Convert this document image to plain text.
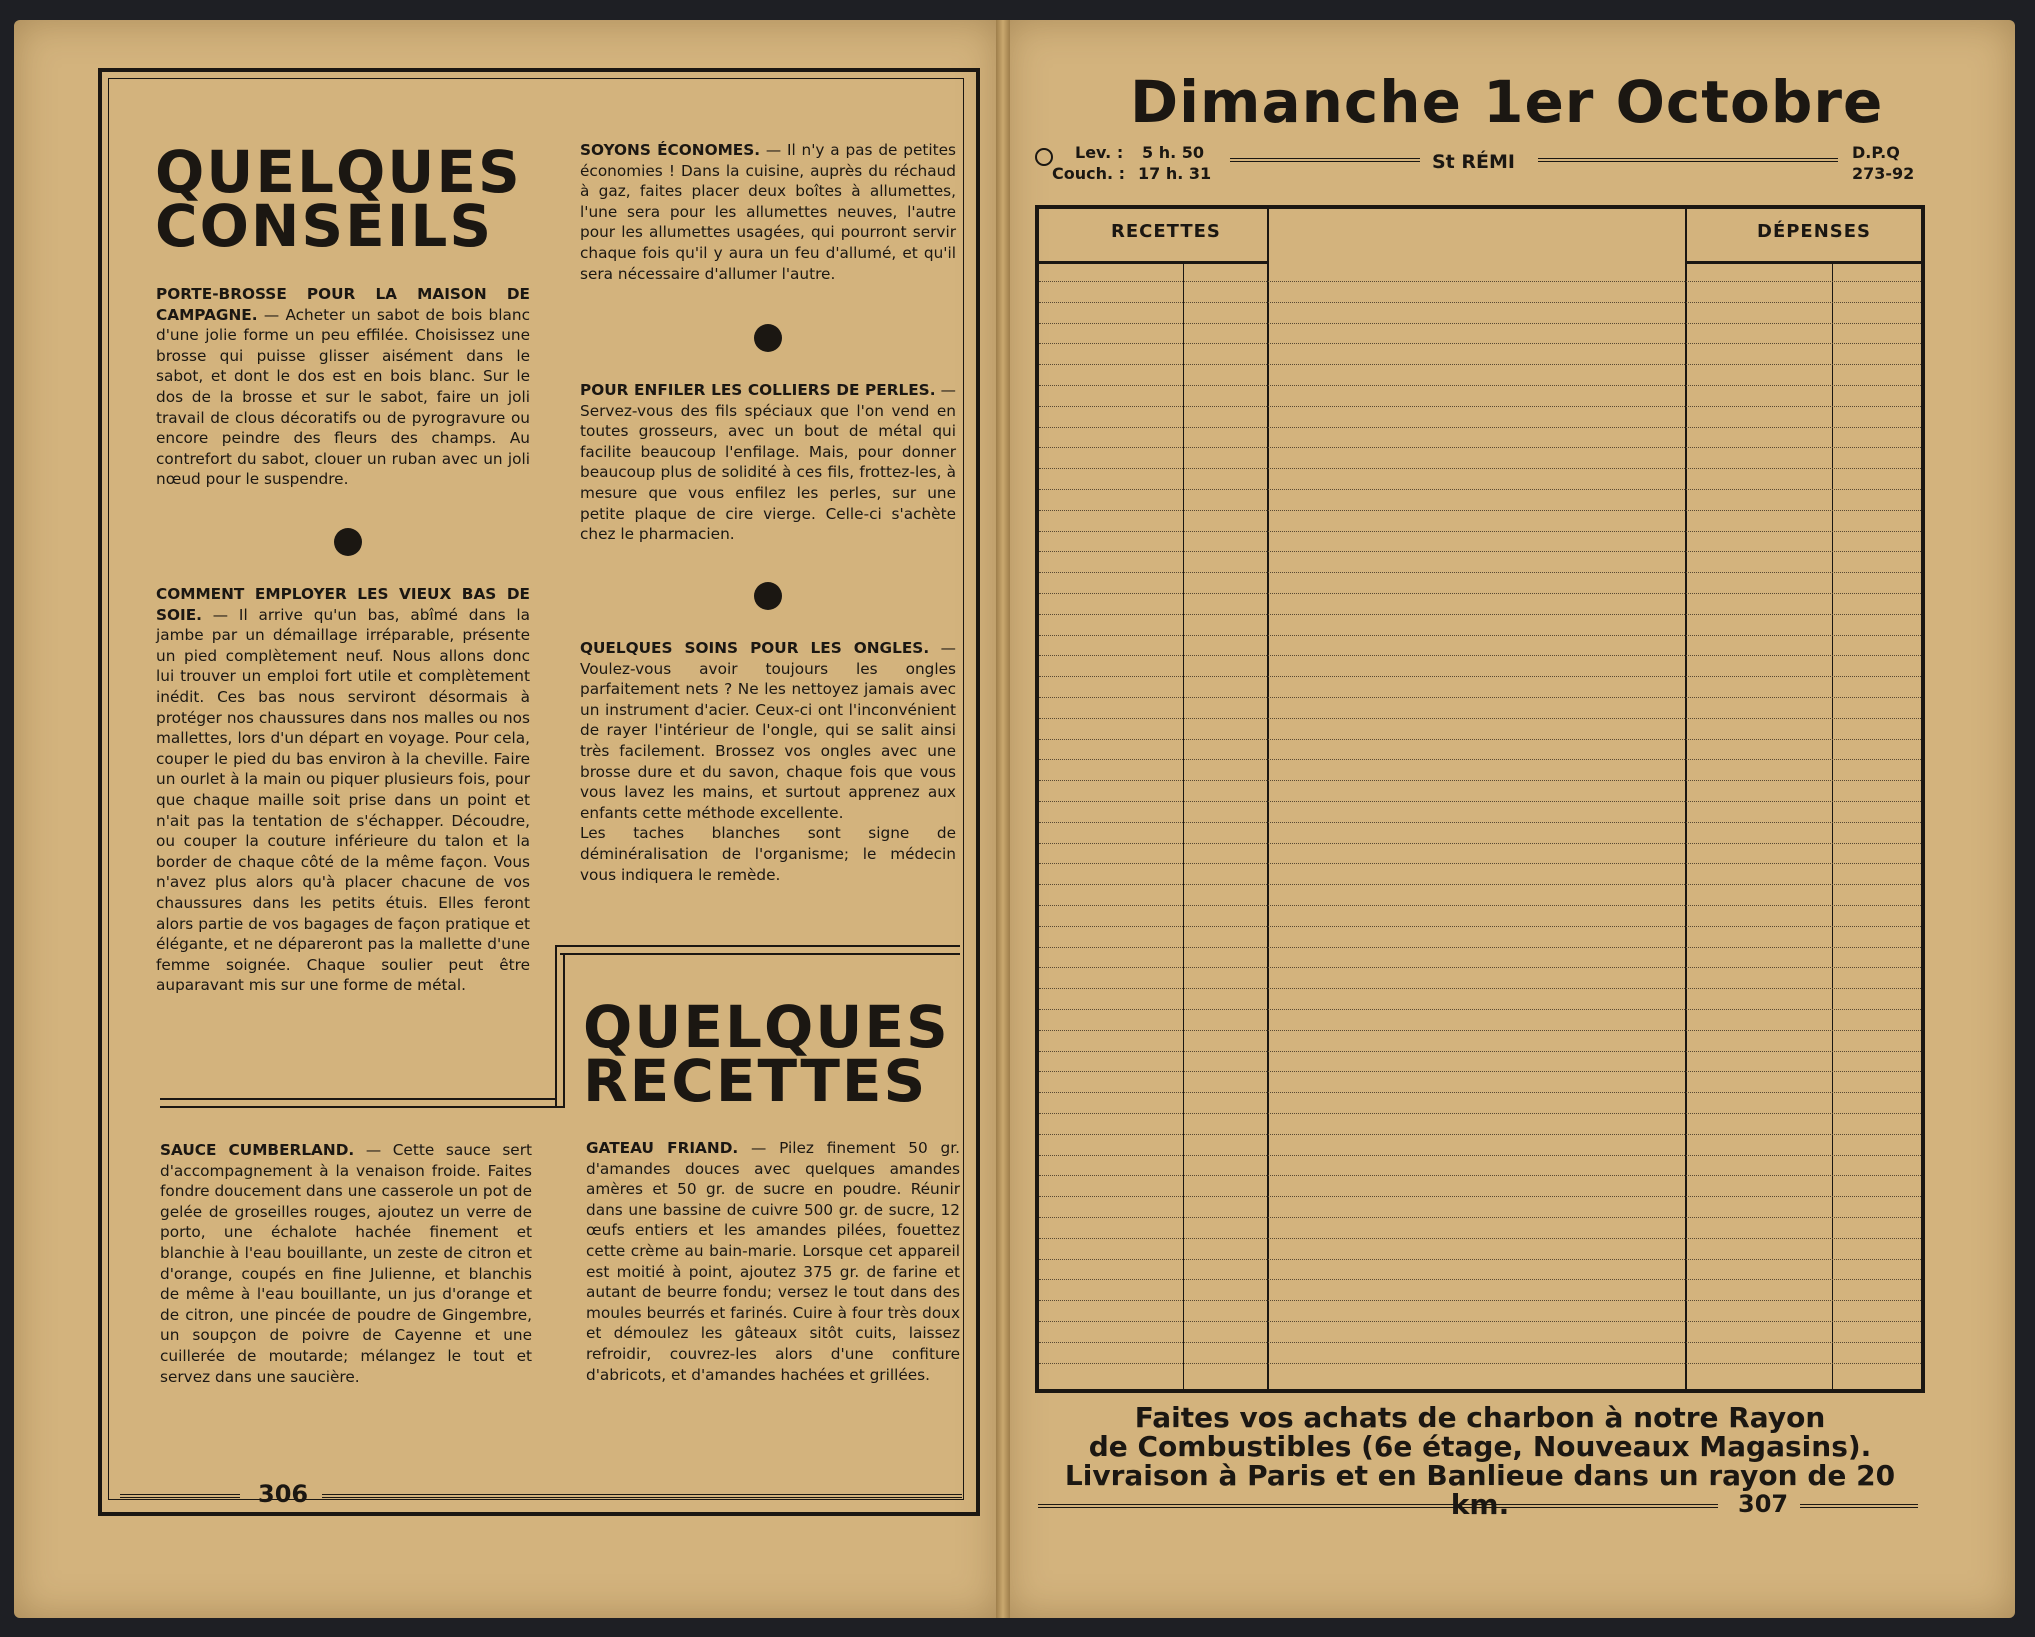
QUELQUES
CONSEILS
PORTE-BROSSE POUR LA MAISON DE CAMPAGNE. — Acheter un sabot de bois blanc d'une jolie forme un peu effilée. Choisissez une brosse qui puisse glisser aisément dans le sabot, et dont le dos est en bois blanc. Sur le dos de la brosse et sur le sabot, faire un joli travail de clous décoratifs ou de pyrogravure ou encore peindre des fleurs des champs. Au contrefort du sabot, clouer un ruban avec un joli nœud pour le suspendre.
COMMENT EMPLOYER LES VIEUX BAS DE SOIE. — Il arrive qu'un bas, abîmé dans la jambe par un démaillage irréparable, présente un pied complètement neuf. Nous allons donc lui trouver un emploi fort utile et complètement inédit. Ces bas nous serviront désormais à protéger nos chaussures dans nos malles ou nos mallettes, lors d'un départ en voyage. Pour cela, couper le pied du bas environ à la cheville. Faire un ourlet à la main ou piquer plusieurs fois, pour que chaque maille soit prise dans un point et n'ait pas la tentation de s'échapper. Découdre, ou couper la couture inférieure du talon et la border de chaque côté de la même façon. Vous n'avez plus alors qu'à placer chacune de vos chaussures dans les petits étuis. Elles feront alors partie de vos bagages de façon pratique et élégante, et ne dépareront pas la mallette d'une femme soignée. Chaque soulier peut être auparavant mis sur une forme de métal.
SOYONS ÉCONOMES. — Il n'y a pas de petites économies ! Dans la cuisine, auprès du réchaud à gaz, faites placer deux boîtes à allumettes, l'une sera pour les allumettes neuves, l'autre pour les allumettes usagées, qui pourront servir chaque fois qu'il y aura un feu d'allumé, et qu'il sera nécessaire d'allumer l'autre.
POUR ENFILER LES COLLIERS DE PERLES. — Servez-vous des fils spéciaux que l'on vend en toutes grosseurs, avec un bout de métal qui facilite beaucoup l'enfilage. Mais, pour donner beaucoup plus de solidité à ces fils, frottez-les, à mesure que vous enfilez les perles, sur une petite plaque de cire vierge. Celle-ci s'achète chez le pharmacien.
QUELQUES SOINS POUR LES ONGLES. — Voulez-vous avoir toujours les ongles parfaitement nets ? Ne les nettoyez jamais avec un instrument d'acier. Ceux-ci ont l'inconvénient de rayer l'intérieur de l'ongle, qui se salit ainsi très facilement. Brossez vos ongles avec une brosse dure et du savon, chaque fois que vous vous lavez les mains, et surtout apprenez aux enfants cette méthode excellente.
Les taches blanches sont signe de déminéralisation de l'organisme; le médecin vous indiquera le remède.
QUELQUES
RECETTES
SAUCE CUMBERLAND. — Cette sauce sert d'accompagnement à la venaison froide. Faites fondre doucement dans une casserole un pot de gelée de groseilles rouges, ajoutez un verre de porto, une échalote hachée finement et blanchie à l'eau bouillante, un zeste de citron et d'orange, coupés en fine Julienne, et blanchis de même à l'eau bouillante, un jus d'orange et de citron, une pincée de poudre de Gingembre, un soupçon de poivre de Cayenne et une cuillerée de moutarde; mélangez le tout et servez dans une saucière.
GATEAU FRIAND. — Pilez finement 50 gr. d'amandes douces avec quelques amandes amères et 50 gr. de sucre en poudre. Réunir dans une bassine de cuivre 500 gr. de sucre, 12 œufs entiers et les amandes pilées, fouettez cette crème au bain-marie. Lorsque cet appareil est moitié à point, ajoutez 375 gr. de farine et autant de beurre fondu; versez le tout dans des moules beurrés et farinés. Cuire à four très doux et démoulez les gâteaux sitôt cuits, laissez refroidir, couvrez-les alors d'une confiture d'abricots, et d'amandes hachées et grillées.
306
Dimanche 1er Octobre
Lev. : 5 h. 50
Couch. : 17 h. 31
St RÉMI	D.P.Q
273-92
RECETTES	DÉPENSES
Faites vos achats de charbon à notre Rayon
de Combustibles (6e étage, Nouveaux Magasins).
Livraison à Paris et en Banlieue dans un rayon de 20 km.	307
